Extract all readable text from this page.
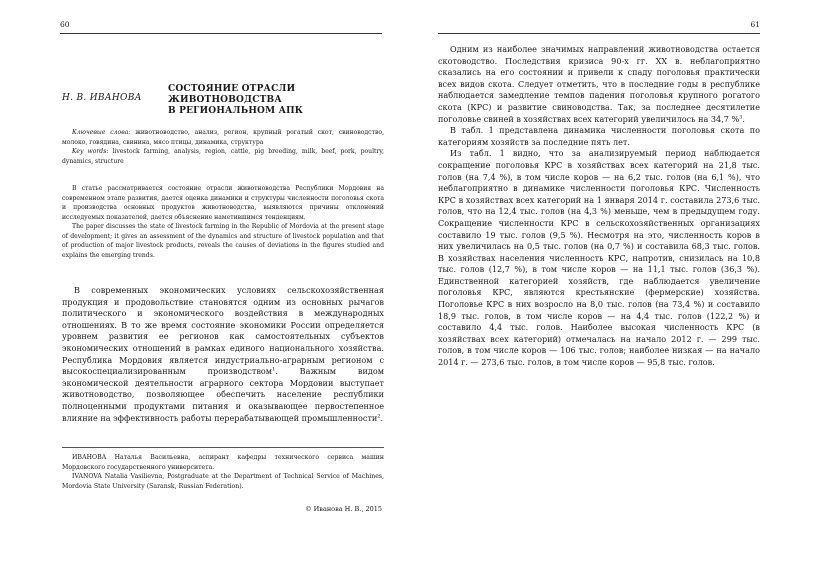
60
Н. В. ИВАНОВА
СОСТОЯНИЕ ОТРАСЛИ
ЖИВОТНОВОДСТВА
В РЕГИОНАЛЬНОМ АПК

Ключевые слова: животноводство, анализ, регион, крупный рогатый скот, свиноводство, молоко, говядина, свинина, мясо птицы, динамика, структура

Key words: livestock farming, analysis, region, cattle, pig breeding, milk, beef, pork, poultry, dynamics, structure

В статье рассматривается состояние отрасли животноводства Республики Мордовия на современном этапе развития, дается оценка динамики и структуры численности поголовья скота и производства основных продуктов животноводства, выявляются причины отклонений исследуемых показателей, дается объяснение наметившимся тенденциям.

The paper discusses the state of livestock farming in the Republic of Mordovia at the present stage of development; it gives an assessment of the dynamics and structure of livestock population and that of production of major livestock products, reveals the causes of deviations in the figures studied and explains the emerging trends.

В современных экономических условиях сельскохозяйственная продукция и продовольствие становятся одним из основных рычагов политического и экономического воздействия в международных отношениях. В то же время состояние экономики России определяется уровнем развития ее регионов как самостоятельных субъектов экономических отношений в рамках единого национального хозяйства. Республика Мордовия является индустриально-аграрным регионом с высокоспециализированным производством$^1$. Важным видом экономической деятельности аграрного сектора Мордовии выступает животноводство, позволяющее обеспечить население республики полноценными продуктами питания и оказывающее первостепенное влияние на эффективность работы перерабатывающей промышленности$^2$.

ИВАНОВА Наталья Васильевна, аспирант кафедры технического сервиса машин Мордовского государственного университета.

IVANOVA Natalia Vasilievna, Postgraduate at the Department of Technical Service of Machines, Mordovia State University (Saransk, Russian Federation).

© Иванова Н. В., 2015
61

Одним из наиболее значимых направлений животноводства остается скотоводство. Последствия кризиса 90-х гг. XX в. неблагоприятно сказались на его состоянии и привели к спаду поголовья практически всех видов скота. Следует отметить, что в последние годы в республике наблюдается замедление темпов падения поголовья крупного рогатого скота (КРС) и развитие свиноводства. Так, за последнее десятилетие поголовье свиней в хозяйствах всех категорий увеличилось на 34,7 %$^3$.

В табл. 1 представлена динамика численности поголовья скота по категориям хозяйств за последние пять лет.

Из табл. 1 видно, что за анализируемый период наблюдается сокращение поголовья КРС в хозяйствах всех категорий на 21,8 тыс. голов (на 7,4 %), в том числе коров — на 6,2 тыс. голов (на 6,1 %), что неблагоприятно в динамике численности поголовья КРС. Численность КРС в хозяйствах всех категорий на 1 января 2014 г. составила 273,6 тыс. голов, что на 12,4 тыс. голов (на 4,3 %) меньше, чем в предыдущем году. Сокращение численности КРС в сельскохозяйственных организациях составило 19 тыс. голов (9,5 %). Несмотря на это, численность коров в них увеличилась на 0,5 тыс. голов (на 0,7 %) и составила 68,3 тыс. голов. В хозяйствах населения численность КРС, напротив, снизилась на 10,8 тыс. голов (12,7 %), в том числе коров — на 11,1 тыс. голов (36,3 %). Единственной категорией хозяйств, где наблюдается увеличение поголовья КРС, являются крестьянские (фермерские) хозяйства. Поголовье КРС в них возросло на 8,0 тыс. голов (на 73,4 %) и составило 18,9 тыс. голов, в том числе коров — на 4,4 тыс. голов (122,2 %) и составило 4,4 тыс. голов. Наиболее высокая численность КРС (в хозяйствах всех категорий) отмечалась на начало 2012 г. — 299 тыс. голов, в том числе коров — 106 тыс. голов; наиболее низкая — на начало 2014 г. — 273,6 тыс. голов, в том числе коров — 95,8 тыс. голов.
